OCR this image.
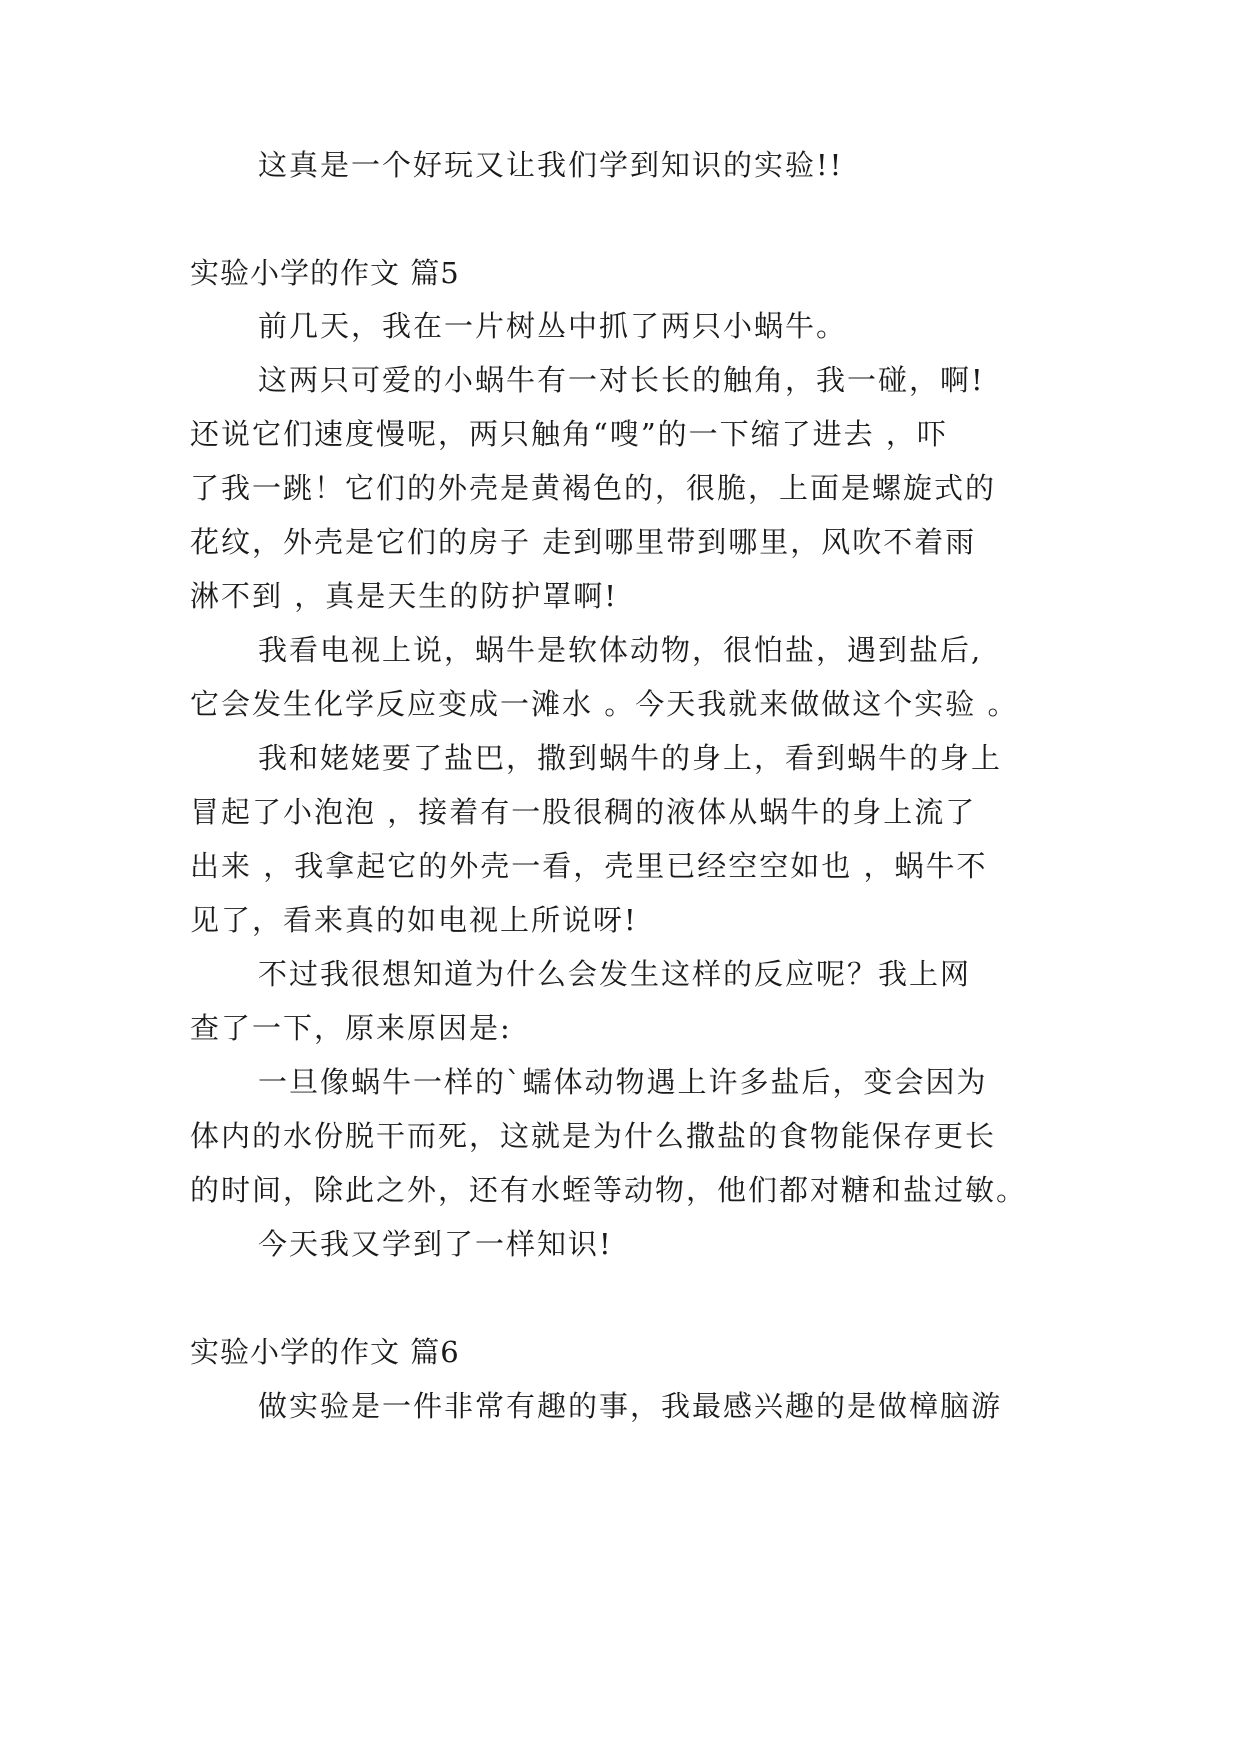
这真是一个好玩又让我们学到知识的实验!!
实验小学的作文 篇5
前几天，我在一片树丛中抓了两只小蜗牛。
这两只可爱的小蜗牛有一对长长的触角，我一碰，啊!
还说它们速度慢呢，两只触角“嗖”的一下缩了进去 ，吓
了我一跳！它们的外壳是黄褐色的，很脆，上面是螺旋式的
花纹，外壳是它们的房子 走到哪里带到哪里，风吹不着雨
淋不到 ，真是天生的防护罩啊!
我看电视上说，蜗牛是软体动物，很怕盐，遇到盐后,
它会发生化学反应变成一滩水 。今天我就来做做这个实验 。
我和姥姥要了盐巴，撒到蜗牛的身上，看到蜗牛的身上
冒起了小泡泡 ，接着有一股很稠的液体从蜗牛的身上流了
出来 ，我拿起它的外壳一看，壳里已经空空如也 ，蜗牛不
见了，看来真的如电视上所说呀!
不过我很想知道为什么会发生这样的反应呢？我上网
查了一下，原来原因是:
一旦像蜗牛一样的`蠕体动物遇上许多盐后，变会因为
体内的水份脱干而死，这就是为什么撒盐的食物能保存更长
的时间，除此之外，还有水蛭等动物，他们都对糖和盐过敏。
今天我又学到了一样知识!
实验小学的作文 篇6
做实验是一件非常有趣的事，我最感兴趣的是做樟脑游
